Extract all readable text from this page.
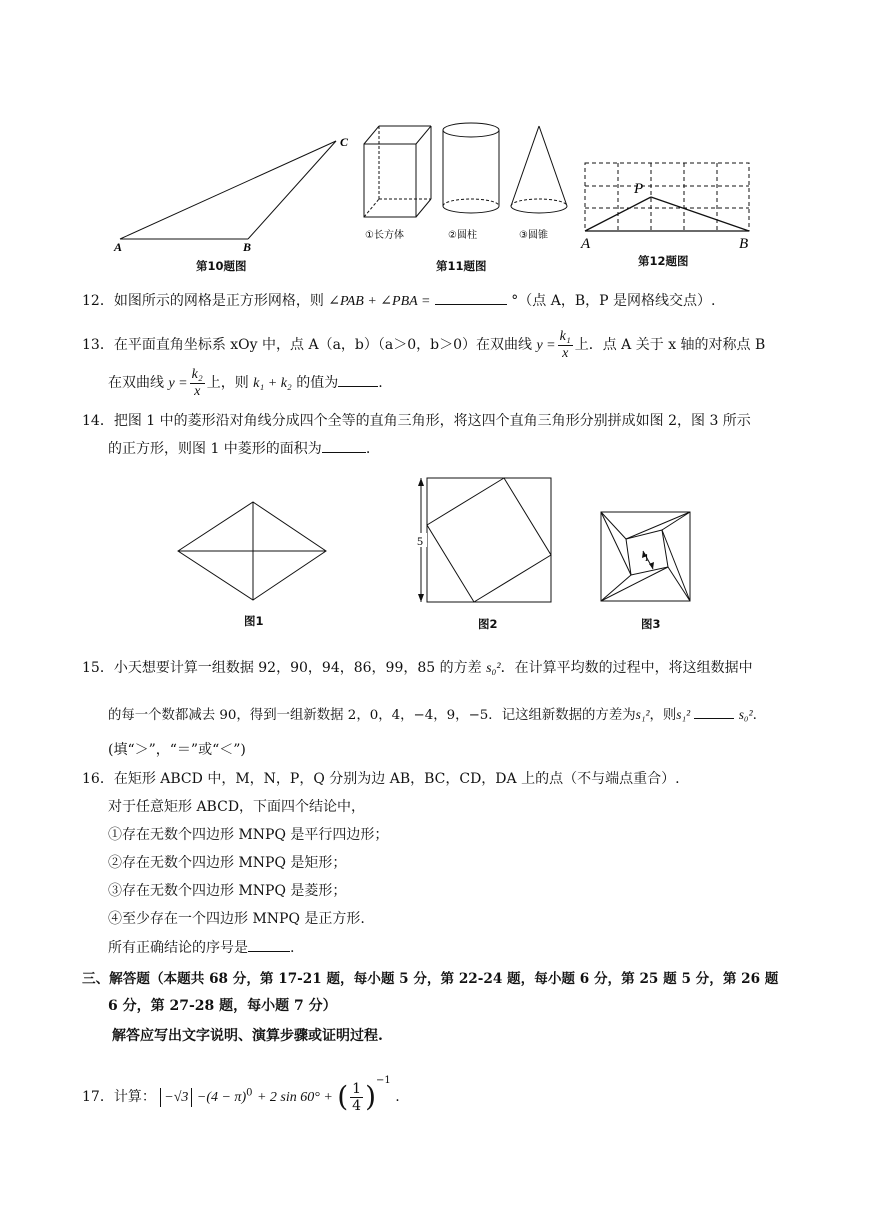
A	B
C
第10题图
①长方体	②圆柱	③圆锥
第11题图
P
A	B
第12题图
12．如图所示的网格是正方形网格，则 ∠PAB + ∠PBA =	°（点 A，B，P 是网格线交点）.
13．在平面直角坐标系 xOy 中，点 A（a，b）（a＞0，b＞0）在双曲线 $y = \frac{\text{k₁}}{x}$ 上．点 A 关于 x 轴的对称点 B
在双曲线 $y = \frac{\text{k₂}}{x}$ 上，则 k₁ + k₂ 的值为	.
14．把图 1 中的菱形沿对角线分成四个全等的直角三角形，将这四个直角三角形分别拼成如图 2，图 3 所示
的正方形，则图 1 中菱形的面积为	.
图1
5
图2
1
图3
15．小天想要计算一组数据 92，90，94，86，99，85 的方差 s₀²．在计算平均数的过程中，将这组数据中
的每一个数都减去 90，得到一组新数据 2，0，4，−4，9，−5．记这组新数据的方差为s₁²，则s₁²	s₀².
(填“＞”，“＝”或“＜”)
16．在矩形 ABCD 中，M，N，P，Q 分别为边 AB，BC，CD，DA 上的点（不与端点重合）.
对于任意矩形 ABCD，下面四个结论中，
①存在无数个四边形 MNPQ 是平行四边形；
②存在无数个四边形 MNPQ 是矩形；
③存在无数个四边形 MNPQ 是菱形；
④至少存在一个四边形 MNPQ 是正方形.
所有正确结论的序号是	.
三、解答题（本题共 68 分，第 17-21 题，每小题 5 分，第 22-24 题，每小题 6 分，第 25 题 5 分，第 26 题
6 分，第 27-28 题，每小题 7 分）
解答应写出文字说明、演算步骤或证明过程.
17．计算： $-√3 -(4 - \pi)^0 + 2$ sin 60° + ( $\frac{1}{4} )^{-1}$ .
